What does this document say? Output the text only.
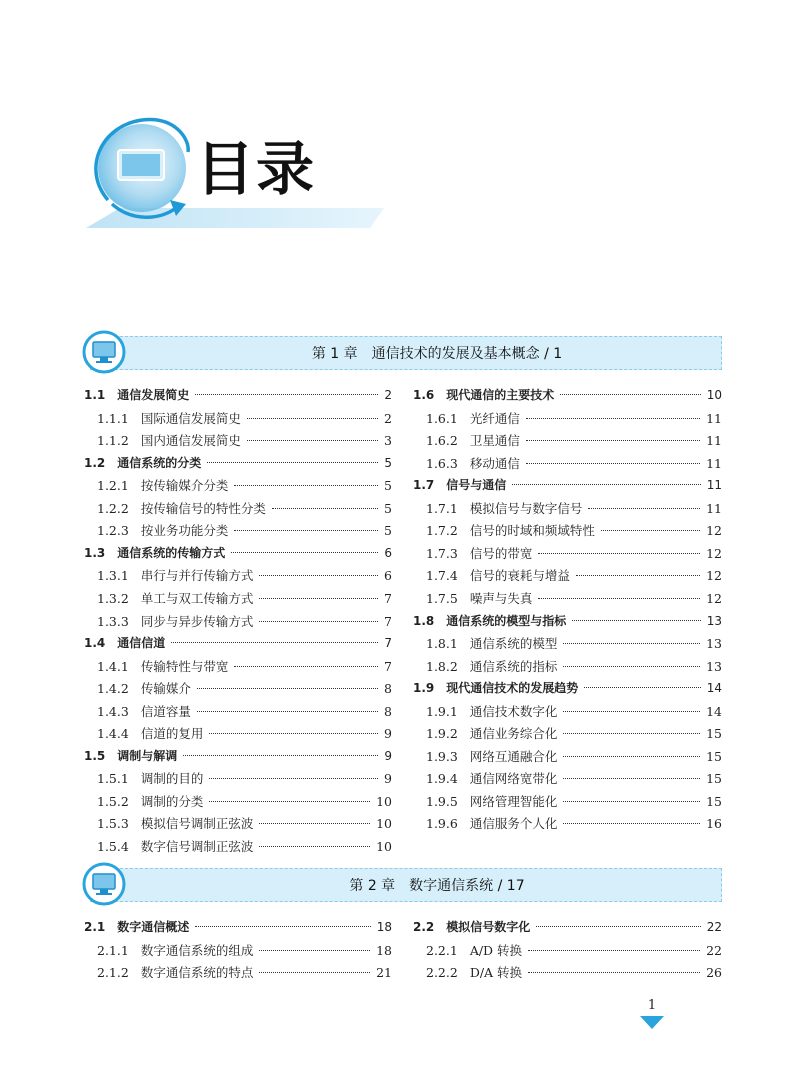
目录
第 1 章　通信技术的发展及基本概念 / 1
第 2 章　数字通信系统 / 17
1.1 通信发展简史	2
1.1.1 国际通信发展简史	2
1.1.2 国内通信发展简史	3
1.2 通信系统的分类	5
1.2.1 按传输媒介分类	5
1.2.2 按传输信号的特性分类	5
1.2.3 按业务功能分类	5
1.3 通信系统的传输方式	6
1.3.1 串行与并行传输方式	6
1.3.2 单工与双工传输方式	7
1.3.3 同步与异步传输方式	7
1.4 通信信道	7
1.4.1 传输特性与带宽	7
1.4.2 传输媒介	8
1.4.3 信道容量	8
1.4.4 信道的复用	9
1.5 调制与解调	9
1.5.1 调制的目的	9
1.5.2 调制的分类	10
1.5.3 模拟信号调制正弦波	10
1.5.4 数字信号调制正弦波	10
1.6 现代通信的主要技术	10
1.6.1 光纤通信	11
1.6.2 卫星通信	11
1.6.3 移动通信	11
1.7 信号与通信	11
1.7.1 模拟信号与数字信号	11
1.7.2 信号的时域和频域特性	12
1.7.3 信号的带宽	12
1.7.4 信号的衰耗与增益	12
1.7.5 噪声与失真	12
1.8 通信系统的模型与指标	13
1.8.1 通信系统的模型	13
1.8.2 通信系统的指标	13
1.9 现代通信技术的发展趋势	14
1.9.1 通信技术数字化	14
1.9.2 通信业务综合化	15
1.9.3 网络互通融合化	15
1.9.4 通信网络宽带化	15
1.9.5 网络管理智能化	15
1.9.6 通信服务个人化	16
2.1 数字通信概述	18
2.1.1 数字通信系统的组成	18
2.1.2 数字通信系统的特点	21
2.2 模拟信号数字化	22
2.2.1 A/D 转换	22
2.2.2 D/A 转换	26
1
